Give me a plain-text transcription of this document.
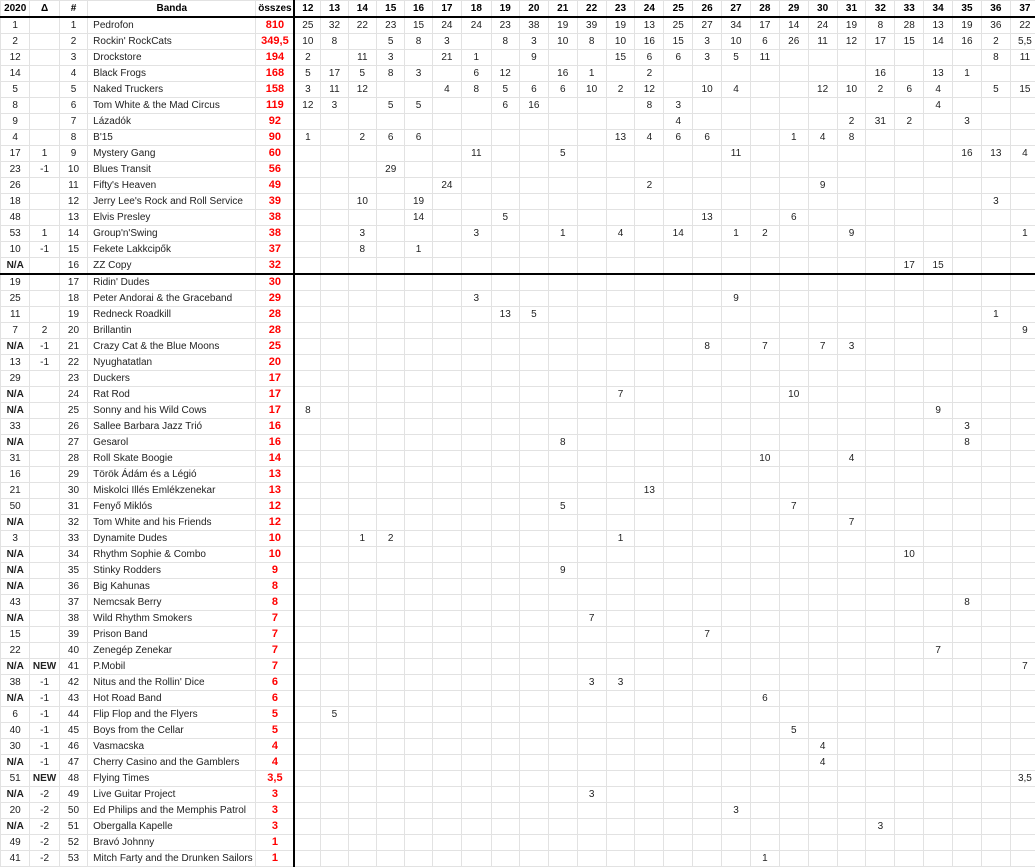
2020	Δ	#	Banda	összes	12	13	14	15	16	17	18	19	20	21	22	23	24	25	26	27	28	29	30	31	32	33	34	35	36	37
1		1	Pedrofon	810	25	32	22	23	15	24	24	23	38	19	39	19	13	25	27	34	17	14	24	19	8	28	13	19	36	22
2		2	Rockin' RockCats	349,5	10	8		5	8	3		8	3	10	8	10	16	15	3	10	6	26	11	12	17	15	14	16	2	5,5
12		3	Drockstore	194	2		11	3		21	1		9			15	6	6	3	5	11								8	11
14		4	Black Frogs	168	5	17	5	8	3		6	12		16	1		2								16		13	1		
5		5	Naked Truckers	158	3	11	12			4	8	5	6	6	10	2	12		10	4			12	10	2	6	4		5	15
8		6	Tom White & the Mad Circus	119	12	3		5	5			6	16				8	3									4			
9		7	Lázadók	92														4						2	31	2		3		
4		8	B'15	90	1		2	6	6							13	4	6	6			1	4	8						
17	1	9	Mystery Gang	60							11			5						11								16	13	4
23	-1	10	Blues Transit	56				29																						
26		11	Fifty's Heaven	49						24							2						9							
18		12	Jerry Lee's Rock and Roll Service	39			10		19																				3	
48		13	Elvis Presley	38					14			5							13			6								
53	1	14	Group'n'Swing	38			3				3			1		4		14		1	2			9						1
10	-1	15	Fekete Lakkcipők	37			8		1																					
N/A		16	ZZ Copy	32																						17	15			
19		17	Ridin' Dudes	30																										
25		18	Peter Andorai & the Graceband	29							3									9										
11		19	Redneck Roadkill	28								13	5																1	
7	2	20	Brillantin	28																										9
N/A	-1	21	Crazy Cat & the Blue Moons	25															8		7		7	3						
13	-1	22	Nyughatatlan	20																										
29		23	Duckers	17																										
N/A		24	Rat Rod	17												7						10								
N/A		25	Sonny and his Wild Cows	17	8																						9			
33		26	Sallee Barbara Jazz Trió	16																								3		
N/A		27	Gesarol	16										8														8		
31		28	Roll Skate Boogie	14																	10			4						
16		29	Török Ádám és a Légió	13																										
21		30	Miskolci Illés Emlékzenekar	13													13													
50		31	Fenyő Miklós	12										5								7								
N/A		32	Tom White and his Friends	12																				7						
3		33	Dynamite Dudes	10			1	2								1														
N/A		34	Rhythm Sophie & Combo	10																						10				
N/A		35	Stinky Rodders	9										9																
N/A		36	Big Kahunas	8																										
43		37	Nemcsak Berry	8																								8		
N/A		38	Wild Rhythm Smokers	7											7															
15		39	Prison Band	7															7											
22		40	Zenegép Zenekar	7																							7			
N/A	NEW	41	P.Mobil	7																										7
38	-1	42	Nitus and the Rollin' Dice	6											3	3														
N/A	-1	43	Hot Road Band	6																	6									
6	-1	44	Flip Flop and the Flyers	5		5																								
40	-1	45	Boys from the Cellar	5																		5								
30	-1	46	Vasmacska	4																			4							
N/A	-1	47	Cherry Casino and the Gamblers	4																			4							
51	NEW	48	Flying Times	3,5																										3,5
N/A	-2	49	Live Guitar Project	3											3															
20	-2	50	Ed Philips and the Memphis Patrol	3																3										
N/A	-2	51	Obergalla Kapelle	3																					3					
49	-2	52	Bravó Johnny	1																										
41	-2	53	Mitch Farty and the Drunken Sailors	1																	1									
